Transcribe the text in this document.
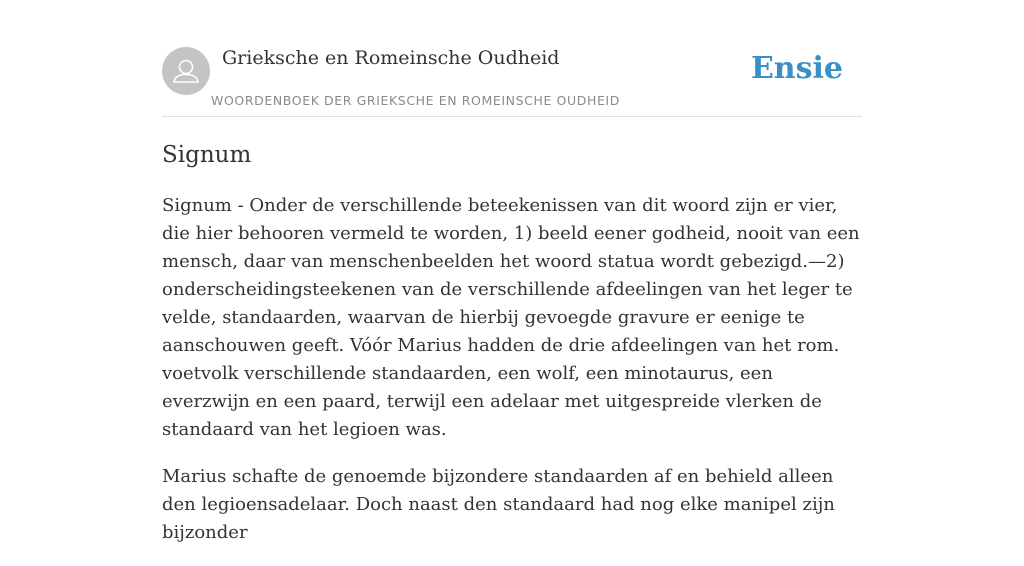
Grieksche en Romeinsche Oudheid
WOORDENBOEK DER GRIEKSCHE EN ROMEINSCHE OUDHEID
Ensie
Signum

Signum - Onder de verschillende beteekenissen van dit woord zijn er vier, die hier behooren vermeld te worden, 1) beeld eener godheid, nooit van een mensch, daar van menschenbeelden het woord statua wordt gebezigd.—2) onderscheidingsteekenen van de verschillende afdeelingen van het leger te velde, standaarden, waarvan de hierbij gevoegde gravure er eenige te aanschouwen geeft. Vóór Marius hadden de drie afdeelingen van het rom. voetvolk verschillende standaarden, een wolf, een minotaurus, een everzwijn en een paard, terwijl een adelaar met uitgespreide vlerken de standaard van het legioen was.

Marius schafte de genoemde bijzondere standaarden af en behield alleen den legioensadelaar. Doch naast den standaard had nog elke manipel zijn bijzonder
